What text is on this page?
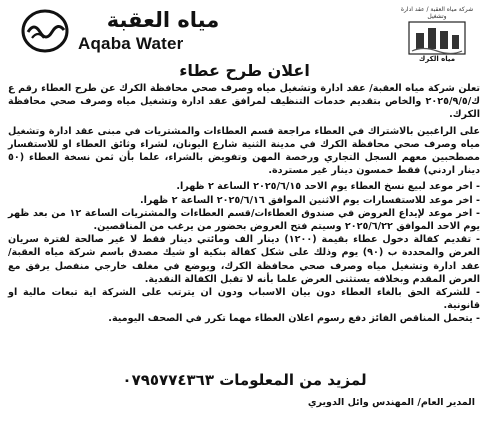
مياه العقبة
Aqaba Water
شركة مياه العقبة / عقد ادارة وتشغيل
مياه الكرك
اعلان طرح عطاء

تعلن شركة مياه العقبة/ عقد ادارة وتشغيل مياه وصرف صحي محافظة الكرك عن طرح العطاء رقم ع ك/٢٠٢٥/٩/٥ والخاص بتقديم خدمات التنظيف لمرافق عقد ادارة وتشغيل مياه وصرف صحي محافظة الكرك.

على الراغبين بالاشتراك في العطاء مراجعة قسم العطاءات والمشتريات في مبنى عقد ادارة وتشغيل مياه وصرف صحي محافظة الكرك في مدينة الثنية شارع اليونان، لشراء وثائق العطاء او للاستفسار مصطحبين معهم السجل التجاري ورخصة المهن وتفويض بالشراء، علما بأن ثمن نسخة العطاء (٥٠ دينار اردني) فقط خمسون دينار غير مستردة.

- اخر موعد لبيع نسخ العطاء يوم الاحد ٢٠٢٥/٦/١٥ الساعة ٢ ظهرا.
- اخر موعد للاستفسارات يوم الاثنين الموافق ٢٠٢٥/٦/١٦ الساعة ٢ ظهرا.
- اخر موعد لإيداع العروض في صندوق العطاءات/قسم العطاءات والمشتريات الساعة ١٢ من بعد ظهر يوم الاحد الموافق ٢٠٢٥/٦/٢٢ وسيتم فتح العروض بحضور من يرغب من المناقصين.
- تقديم كفالة دخول عطاء بقيمة (١٢٠٠) دينار الف ومائتي دينار فقط لا غير صالحة لفترة سريان العرض والمحددة ب (٩٠) يوم وذلك على شكل كفالة بنكية او شيك مصدق باسم شركة مياه العقبة/ عقد ادارة وتشغيل مياه وصرف صحي محافظة الكرك، ويوضع في مغلف خارجي منفصل يرفق مع العرض المقدم وبخلافه يستثنى العرض علما بأنه لا تقبل الكفالة النقدية.
- للشركة الحق بالغاء العطاء دون بيان الاسباب ودون ان يترتب على الشركة اية تبعات مالية او قانونية.
- يتحمل المناقص الفائز دفع رسوم اعلان العطاء مهما تكرر في الصحف اليومية.
لمزيد من المعلومات ٠٧٩٥٧٧٤٣٦٣
المدير العام/ المهندس وائل الدويري
